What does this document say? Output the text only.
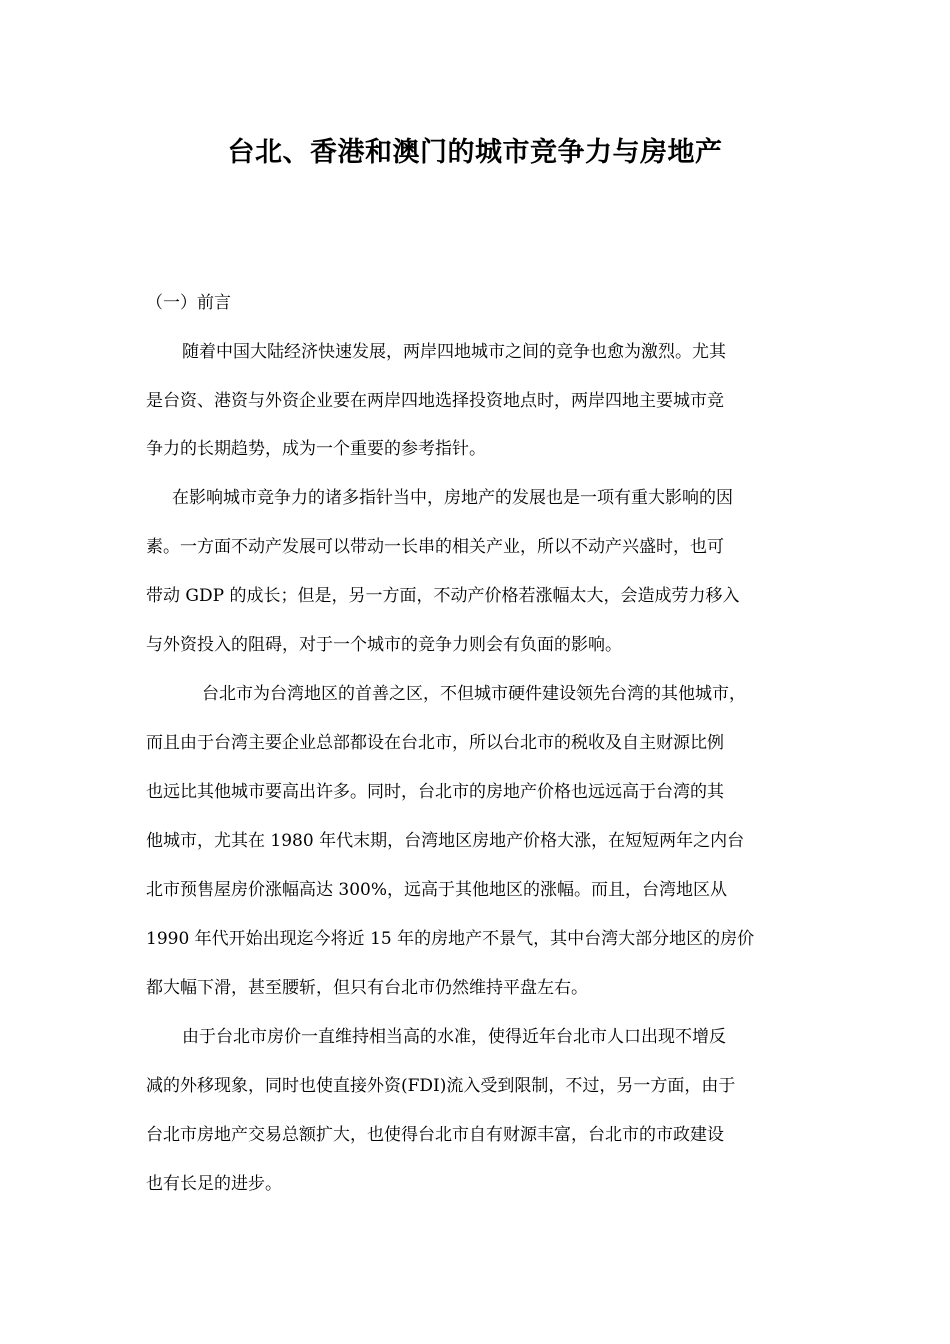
台北、香港和澳门的城市竞争力与房地产
（一）前言
随着中国大陆经济快速发展，两岸四地城市之间的竞争也愈为激烈。尤其
是台资、港资与外资企业要在两岸四地选择投资地点时，两岸四地主要城市竞
争力的长期趋势，成为一个重要的参考指针。
在影响城市竞争力的诸多指针当中，房地产的发展也是一项有重大影响的因
素。一方面不动产发展可以带动一长串的相关产业，所以不动产兴盛时，也可
带动 GDP 的成长；但是，另一方面，不动产价格若涨幅太大，会造成劳力移入
与外资投入的阻碍，对于一个城市的竞争力则会有负面的影响。
台北市为台湾地区的首善之区，不但城市硬件建设领先台湾的其他城市，
而且由于台湾主要企业总部都设在台北市，所以台北市的税收及自主财源比例
也远比其他城市要高出许多。同时，台北市的房地产价格也远远高于台湾的其
他城市，尤其在 1980 年代末期，台湾地区房地产价格大涨，在短短两年之内台
北市预售屋房价涨幅高达 300%，远高于其他地区的涨幅。而且，台湾地区从
1990 年代开始出现迄今将近 15 年的房地产不景气，其中台湾大部分地区的房价
都大幅下滑，甚至腰斩，但只有台北市仍然维持平盘左右。
由于台北市房价一直维持相当高的水准，使得近年台北市人口出现不增反
减的外移现象，同时也使直接外资(FDI)流入受到限制，不过，另一方面，由于
台北市房地产交易总额扩大，也使得台北市自有财源丰富，台北市的市政建设
也有长足的进步。
